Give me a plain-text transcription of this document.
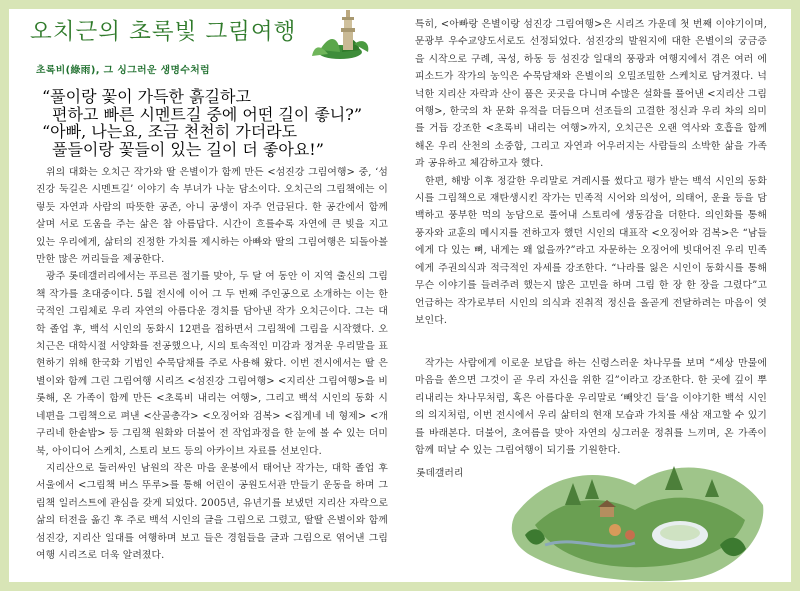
오치근의 초록빛 그림여행
초록비(綠雨), 그 싱그러운 생명수처럼

“풀이랑 꽃이 가득한 흙길하고

편하고 빠른 시멘트길 중에 어떤 길이 좋니?”

“아빠, 나는요, 조금 천천히 가더라도

풀들이랑 꽃들이 있는 길이 더 좋아요!”

위의 대화는 오치근 작가와 딸 은별이가 함께 만든 <섬진강 그림여행> 중, ‘섬진강 둑길은 시멘트길’ 이야기 속 부녀가 나눈 담소이다. 오치근의 그림책에는 이렇듯 자연과 사람의 따뜻한 공존, 아니 공생이 자주 언급된다. 한 공간에서 함께 살며 서로 도움을 주는 삶은 참 아름답다. 시간이 흐를수록 자연에 큰 빚을 지고 있는 우리에게, 삶터의 진정한 가치를 제시하는 아빠와 딸의 그림여행은 되돌아볼 만한 많은 꺼리들을 제공한다.

광주 롯데갤러리에서는 푸르른 절기를 맞아, 두 달 여 동안 이 지역 출신의 그림책 작가를 초대중이다. 5월 전시에 이어 그 두 번째 주인공으로 소개하는 이는 한국적인 그림체로 우리 자연의 아름다운 경치를 담아낸 작가 오치근이다. 그는 대학 졸업 후, 백석 시인의 동화시 12편을 접하면서 그림책에 그림을 시작했다. 오치근은 대학시절 서양화를 전공했으나, 시의 토속적인 미감과 정겨운 우리말을 표현하기 위해 한국화 기법인 수묵담채를 주로 사용해 왔다. 이번 전시에서는 딸 은별이와 함께 그린 그림여행 시리즈 <섬진강 그림여행> <지리산 그림여행>을 비롯해, 온 가족이 함께 만든 <초록비 내리는 여행>, 그리고 백석 시인의 동화 시 네편을 그림책으로 펴낸 <산골총각> <오징어와 검복> <집게네 네 형제> <개구리네 한솥밥> 등 그림책 원화와 더불어 전 작업과정을 한 눈에 볼 수 있는 더미북, 아이디어 스케치, 스토리 보드 등의 아카이브 자료를 선보인다.

지리산으로 둘러싸인 남원의 작은 마을 운봉에서 태어난 작가는, 대학 졸업 후 서울에서 <그림책 버스 뚜루>를 통해 어린이 공원도서관 만들기 운동을 하며 그림책 일러스트에 관심을 갖게 되었다. 2005년, 유년기를 보냈던 지리산 자락으로 삶의 터전을 옮긴 후 주로 백석 시인의 글을 그림으로 그렸고, 딸딸 은별이와 함께 섬진강, 지리산 일대를 여행하며 보고 들은 경험들을 글과 그림으로 엮어낸 그림여행 시리즈로 더욱 알려졌다.

특히, <아빠랑 은별이랑 섬진강 그림여행>은 시리즈 가운데 첫 번째 이야기이며, 문광부 우수교양도서로도 선정되었다. 섬진강의 발원지에 대한 은별이의 궁금증을 시작으로 구례, 곡성, 하동 등 섬진강 일대의 풍광과 여행지에서 겪은 여러 에피소드가 작가의 농익은 수묵담채와 은별이의 오밀조밀한 스케치로 담겨졌다. 넉넉한 지리산 자락과 산이 품은 곳곳을 다니며 수많은 설화를 풀어낸 <지리산 그림여행>, 한국의 차 문화 유적을 더듬으며 선조들의 고결한 정신과 우리 차의 의미를 거듭 강조한 <초록비 내리는 여행>까지, 오치근은 오랜 역사와 호흡을 함께 해온 우리 산천의 소중함, 그리고 자연과 어우러지는 사람들의 소박한 삶을 가족과 공유하고 체감하고자 했다.

한편, 해방 이후 정갈한 우리말로 겨레시를 썼다고 평가 받는 백석 시인의 동화 시를 그림책으로 재탄생시킨 작가는 민족적 시어와 의성어, 의태어, 운율 등을 담백하고 풍부한 먹의 농담으로 풀어내 스토리에 생동감을 더한다. 의인화를 통해 풍자와 교훈의 메시지를 전하고자 했던 시인의 대표작 <오징어와 검복>은 “남들에게 다 있는 뼈, 내게는 왜 없을까?”라고 자문하는 오징어에 빗대어진 우리 민족에게 주권의식과 적극적인 자세를 강조한다. “나라를 잃은 시인이 동화시를 통해 무슨 이야기를 들려주려 했는지 많은 고민을 하며 그림 한 장 한 장을 그렸다”고 언급하는 작가로부터 시인의 의식과 진취적 정신을 올곧게 전달하려는 마음이 엿보인다.

작가는 사람에게 이로운 보답을 하는 신령스러운 차나무를 보며 “세상 만물에 마음을 쏟으면 그것이 곧 우리 자신을 위한 길”이라고 강조한다. 한 곳에 깊이 뿌리내리는 차나무처럼, 혹은 아름다운 우리말로 ‘빼앗긴 들’을 이야기한 백석 시인의 의지처럼, 이번 전시에서 우리 삶터의 현재 모습과 가치를 새삼 재고할 수 있기를 바래본다. 더불어, 초여름을 맞아 자연의 싱그러운 정취를 느끼며, 온 가족이 함께 떠날 수 있는 그림여행이 되기를 기원한다.

롯데갤러리
